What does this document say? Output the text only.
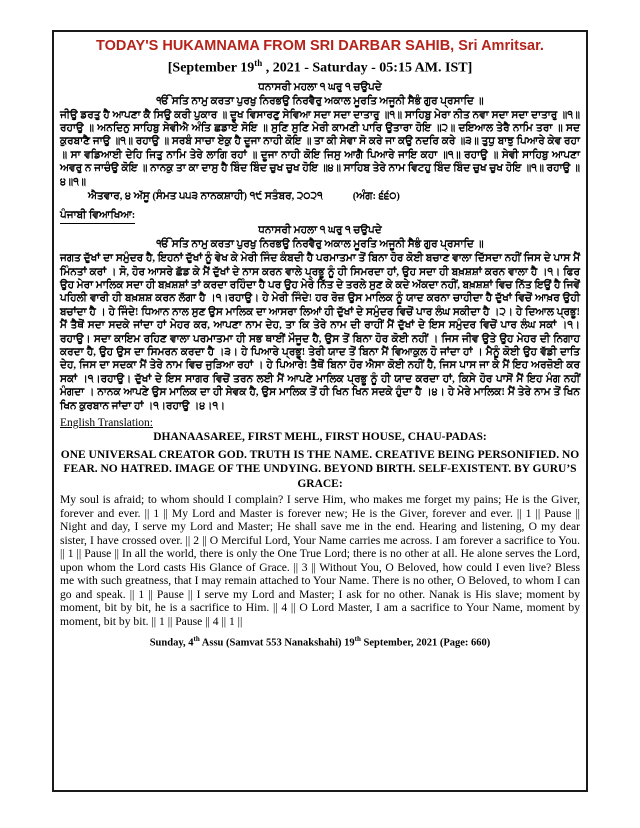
TODAY'S HUKAMNAMA FROM SRI DARBAR SAHIB, Sri Amritsar.
[September 19th , 2021 - Saturday - 05:15 AM. IST]
ਧਨਾਸਰੀ ਮਹਲਾ ੧ ਘਰੁ ੧ ਚਉਪਦੇ
ੴ ਸਤਿ ਨਾਮੁ ਕਰਤਾ ਪੁਰਖੁ ਨਿਰਭਉ ਨਿਰਵੈਰੁ ਅਕਾਲ ਮੂਰਤਿ ਅਜੂਨੀ ਸੈਭੰ ਗੁਰ ਪ੍ਰਸਾਦਿ ॥
ਜੀਉ ਡਰਤੁ ਹੈ ਆਪਣਾ ਕੈ ਸਿਉ ਕਰੀ ਪੁਕਾਰ ॥ ਦੂਖ ਵਿਸਾਰਣੁ ਸੇਵਿਆ ਸਦਾ ਸਦਾ ਦਾਤਾਰੁ ॥੧॥ ਸਾਹਿਬੁ ਮੇਰਾ ਨੀਤ ਨਵਾ ਸਦਾ ਸਦਾ ਦਾਤਾਰੁ ॥੧॥ ਰਹਾਉ ॥ ਅਨਦਿਨੁ ਸਾਹਿਬੁ ਸੇਵੀਐ ਅੰਤਿ ਛਡਾਏ ਸੋਇ ॥ ਸੁਣਿ ਸੁਣਿ ਮੇਰੀ ਕਾਮਣੀ ਪਾਰਿ ਉਤਾਰਾ ਹੋਇ ॥੨॥ ਦਇਆਲ ਤੇਰੈ ਨਾਮਿ ਤਰਾ ॥ ਸਦ ਕੁਰਬਾਣੈ ਜਾਉ ॥੧॥ ਰਹਾਉ ॥ ਸਰਬੰ ਸਾਚਾ ਏਕੁ ਹੈ ਦੂਜਾ ਨਾਹੀ ਕੋਇ ॥ ਤਾ ਕੀ ਸੇਵਾ ਸੋ ਕਰੇ ਜਾ ਕਉ ਨਦਰਿ ਕਰੇ ॥੩॥ ਤੁਧੁ ਬਾਝੁ ਪਿਆਰੇ ਕੇਵ ਰਹਾ ॥ ਸਾ ਵਡਿਆਈ ਦੇਹਿ ਜਿਤੁ ਨਾਮਿ ਤੇਰੇ ਲਾਗਿ ਰਹਾਂ ॥ ਦੂਜਾ ਨਾਹੀ ਕੋਇ ਜਿਸੁ ਆਗੈ ਪਿਆਰੇ ਜਾਇ ਕਹਾ ॥੧॥ ਰਹਾਉ ॥ ਸੇਵੀ ਸਾਹਿਬੁ ਆਪਣਾ ਅਵਰੁ ਨ ਜਾਚੰਉ ਕੋਇ ॥ ਨਾਨਕੁ ਤਾ ਕਾ ਦਾਸੁ ਹੈ ਬਿੰਦ ਬਿੰਦ ਚੁਖ ਚੁਖ ਹੋਇ ॥੪॥ ਸਾਹਿਬ ਤੇਰੇ ਨਾਮ ਵਿਟਹੁ ਬਿੰਦ ਬਿੰਦ ਚੁਖ ਚੁਖ ਹੋਇ ॥੧॥ ਰਹਾਉ ॥੪॥੧॥
ਐਤਵਾਰ, ੪ ਅੱਸੂ (ਸੰਮਤ ੫੫੩ ਨਾਨਕਸ਼ਾਹੀ) ੧੯ ਸਤੰਬਰ, ੨੦੨੧	(ਅੰਗ: ੬੬੦)
ਪੰਜਾਬੀ ਵਿਆਖਿਆ:
ਧਨਾਸਰੀ ਮਹਲਾ ੧ ਘਰੁ ੧ ਚਉਪਦੇ
ੴ ਸਤਿ ਨਾਮੁ ਕਰਤਾ ਪੁਰਖੁ ਨਿਰਭਉ ਨਿਰਵੈਰੁ ਅਕਾਲ ਮੂਰਤਿ ਅਜੂਨੀ ਸੈਭੰ ਗੁਰ ਪ੍ਰਸਾਦਿ ॥
ਜਗਤ ਦੁੱਖਾਂ ਦਾ ਸਮੁੰਦਰ ਹੈ, ਇਹਨਾਂ ਦੁੱਖਾਂ ਨੂੰ ਵੇਖ ਕੇ ਮੇਰੀ ਜਿੰਦ ਕੰਬਦੀ ਹੈ ਪਰਮਾਤਮਾ ਤੋਂ ਬਿਨਾ ਹੋਰ ਕੋਈ ਬਚਾਣ ਵਾਲਾ ਦਿੱਸਦਾ ਨਹੀਂ ਜਿਸ ਦੇ ਪਾਸ ਮੈਂ ਮਿੰਨਤਾਂ ਕਰਾਂ । ਸੋ, ਹੋਰ ਆਸਰੇ ਛੱਡ ਕੇ ਮੈਂ ਦੁੱਖਾਂ ਦੇ ਨਾਸ ਕਰਨ ਵਾਲੇ ਪ੍ਰਭੂ ਨੂੰ ਹੀ ਸਿਮਰਦਾ ਹਾਂ, ਉਹ ਸਦਾ ਹੀ ਬਖ਼ਸ਼ਸ਼ਾਂ ਕਰਨ ਵਾਲਾ ਹੈ ।੧। ਫਿਰ ਉਹ ਮੇਰਾ ਮਾਲਿਕ ਸਦਾ ਹੀ ਬਖ਼ਸ਼ਸ਼ਾਂ ਤਾਂ ਕਰਦਾ ਰਹਿੰਦਾ ਹੈ ਪਰ ਉਹ ਮੇਰੇ ਨਿੱਤ ਦੇ ਤਰਲੇ ਸੁਣ ਕੇ ਕਦੇ ਅੱਕਦਾ ਨਹੀਂ, ਬਖ਼ਸ਼ਸ਼ਾਂ ਵਿਚ ਨਿੱਤ ਇਉਂ ਹੈ ਜਿਵੇਂ ਪਹਿਲੀ ਵਾਰੀ ਹੀ ਬਖ਼ਸ਼ਸ਼ ਕਰਨ ਲੱਗਾ ਹੈ ।੧।ਰਹਾਉ। ਹੇ ਮੇਰੀ ਜਿੰਦੇ! ਹਰ ਰੋਜ਼ ਉਸ ਮਾਲਿਕ ਨੂੰ ਯਾਦ ਕਰਨਾ ਚਾਹੀਦਾ ਹੈ ਦੁੱਖਾਂ ਵਿਚੋਂ ਆਖ਼ਰ ਉਹੀ ਬਚਾਂਦਾ ਹੈ । ਹੇ ਜਿੰਦੇ! ਧਿਆਨ ਨਾਲ ਸੁਣ ਉਸ ਮਾਲਿਕ ਦਾ ਆਸਰਾ ਲਿਆਂ ਹੀ ਦੁੱਖਾਂ ਦੇ ਸਮੁੰਦਰ ਵਿਚੋਂ ਪਾਰ ਲੰਘ ਸਕੀਦਾ ਹੈ ।੨। ਹੇ ਦਿਆਲ ਪ੍ਰਭੂ! ਮੈਂ ਤੈਥੋਂ ਸਦਾ ਸਦਕੇ ਜਾਂਦਾ ਹਾਂ ਮੇਹਰ ਕਰ, ਆਪਣਾ ਨਾਮ ਦੇਹ, ਤਾ ਕਿ ਤੇਰੇ ਨਾਮ ਦੀ ਰਾਹੀਂ ਮੈਂ ਦੁੱਖਾਂ ਦੇ ਇਸ ਸਮੁੰਦਰ ਵਿਚੋਂ ਪਾਰ ਲੰਘ ਸਕਾਂ ।੧।ਰਹਾਉ। ਸਦਾ ਕਾਇਮ ਰਹਿਣ ਵਾਲਾ ਪਰਮਾਤਮਾ ਹੀ ਸਭ ਥਾਈਂ ਮੌਜੂਦ ਹੈ, ਉਸ ਤੋਂ ਬਿਨਾ ਹੋਰ ਕੋਈ ਨਹੀਂ । ਜਿਸ ਜੀਵ ਉਤੇ ਉਹ ਮੇਹਰ ਦੀ ਨਿਗਾਹ ਕਰਦਾ ਹੈ, ਉਹ ਉਸ ਦਾ ਸਿਮਰਨ ਕਰਦਾ ਹੈ ।੩। ਹੇ ਪਿਆਰੇ ਪ੍ਰਭੂ! ਤੇਰੀ ਯਾਦ ਤੋਂ ਬਿਨਾ ਮੈਂ ਵਿਆਕੁਲ ਹੋ ਜਾਂਦਾ ਹਾਂ । ਮੈਨੂੰ ਕੋਈ ਉਹ ਵੱਡੀ ਦਾਤਿ ਦੇਹ, ਜਿਸ ਦਾ ਸਦਕਾ ਮੈਂ ਤੇਰੇ ਨਾਮ ਵਿਚ ਜੁੜਿਆ ਰਹਾਂ । ਹੇ ਪਿਆਰੇ! ਤੈਥੋਂ ਬਿਨਾ ਹੋਰ ਐਸਾ ਕੋਈ ਨਹੀਂ ਹੈ, ਜਿਸ ਪਾਸ ਜਾ ਕੇ ਮੈਂ ਇਹ ਅਰਜ਼ੋਈ ਕਰ ਸਕਾਂ ।੧।ਰਹਾਉ। ਦੁੱਖਾਂ ਦੇ ਇਸ ਸਾਗਰ ਵਿਚੋਂ ਤਰਨ ਲਈ ਮੈਂ ਆਪਣੇ ਮਾਲਿਕ ਪ੍ਰਭੂ ਨੂੰ ਹੀ ਯਾਦ ਕਰਦਾ ਹਾਂ, ਕਿਸੇ ਹੋਰ ਪਾਸੋਂ ਮੈਂ ਇਹ ਮੰਗ ਨਹੀਂ ਮੰਗਦਾ । ਨਾਨਕ ਆਪਣੇ ਉਸ ਮਾਲਿਕ ਦਾ ਹੀ ਸੇਵਕ ਹੈ, ਉਸ ਮਾਲਿਕ ਤੋਂ ਹੀ ਖਿਨ ਖਿਨ ਸਦਕੇ ਹੁੰਦਾ ਹੈ ।੪। ਹੇ ਮੇਰੇ ਮਾਲਿਕ! ਮੈਂ ਤੇਰੇ ਨਾਮ ਤੋਂ ਖਿਨ ਖਿਨ ਕੁਰਬਾਨ ਜਾਂਦਾ ਹਾਂ ।੧।ਰਹਾਉ ।੪।੧।
English Translation:
DHANAASAREE, FIRST MEHL, FIRST HOUSE, CHAU-PADAS:
ONE UNIVERSAL CREATOR GOD. TRUTH IS THE NAME. CREATIVE BEING PERSONIFIED. NO FEAR. NO HATRED. IMAGE OF THE UNDYING. BEYOND BIRTH. SELF-EXISTENT. BY GURU’S GRACE:
My soul is afraid; to whom should I complain? I serve Him, who makes me forget my pains; He is the Giver, forever and ever. || 1 || My Lord and Master is forever new; He is the Giver, forever and ever. || 1 || Pause || Night and day, I serve my Lord and Master; He shall save me in the end. Hearing and listening, O my dear sister, I have crossed over. || 2 || O Merciful Lord, Your Name carries me across. I am forever a sacrifice to You. || 1 || Pause || In all the world, there is only the One True Lord; there is no other at all. He alone serves the Lord, upon whom the Lord casts His Glance of Grace. || 3 || Without You, O Beloved, how could I even live? Bless me with such greatness, that I may remain attached to Your Name. There is no other, O Beloved, to whom I can go and speak. || 1 || Pause || I serve my Lord and Master; I ask for no other. Nanak is His slave; moment by moment, bit by bit, he is a sacrifice to Him. || 4 || O Lord Master, I am a sacrifice to Your Name, moment by moment, bit by bit. || 1 || Pause || 4 || 1 ||
Sunday, 4th Assu (Samvat 553 Nanakshahi) 19th September, 2021 (Page: 660)
